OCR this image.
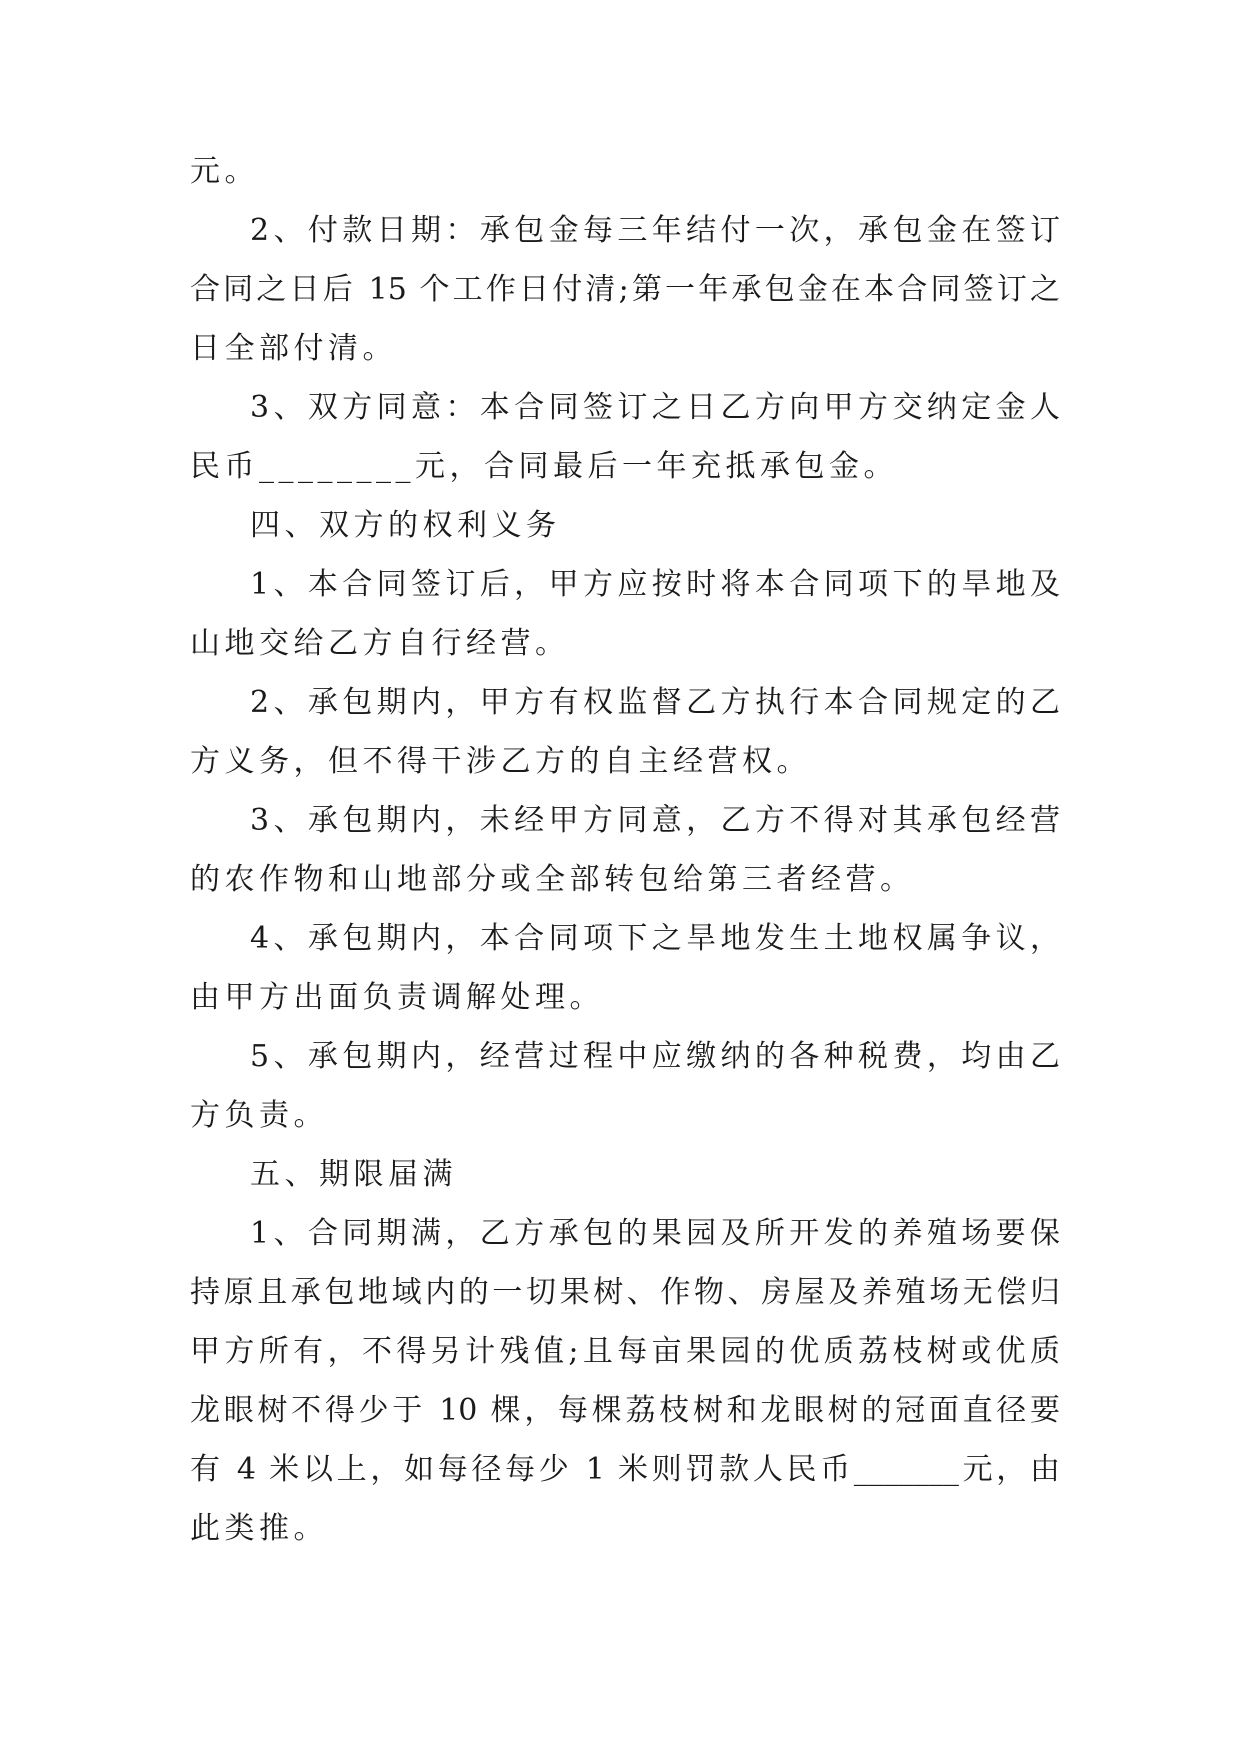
元。
2、付款日期：承包金每三年结付一次，承包金在签订
合同之日后 15 个工作日付清;第一年承包金在本合同签订之
日全部付清。
3、双方同意：本合同签订之日乙方向甲方交纳定金人
民币________元，合同最后一年充抵承包金。
四、双方的权利义务
1、本合同签订后，甲方应按时将本合同项下的旱地及
山地交给乙方自行经营。
2、承包期内，甲方有权监督乙方执行本合同规定的乙
方义务，但不得干涉乙方的自主经营权。
3、承包期内，未经甲方同意，乙方不得对其承包经营
的农作物和山地部分或全部转包给第三者经营。
4、承包期内，本合同项下之旱地发生土地权属争议，
由甲方出面负责调解处理。
5、承包期内，经营过程中应缴纳的各种税费，均由乙
方负责。
五、期限届满
1、合同期满，乙方承包的果园及所开发的养殖场要保
持原且承包地域内的一切果树、作物、房屋及养殖场无偿归
甲方所有，不得另计残值;且每亩果园的优质荔枝树或优质
龙眼树不得少于 10 棵，每棵荔枝树和龙眼树的冠面直径要
有 4 米以上，如每径每少 1 米则罚款人民币_______元，由
此类推。
